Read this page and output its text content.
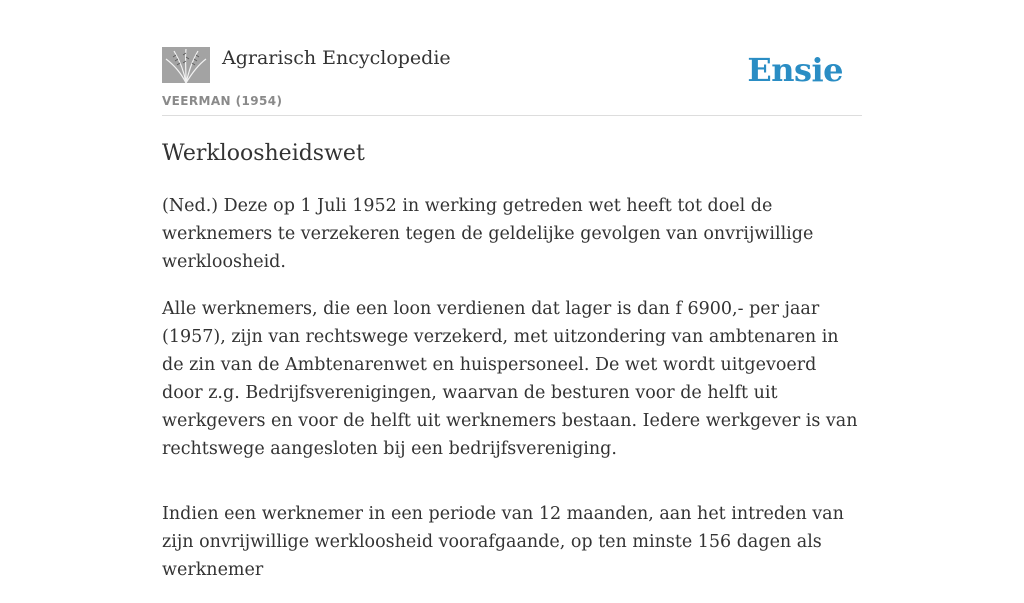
Agrarisch Encyclopedie
VEERMAN (1954)
Ensie
Werkloosheidswet

(Ned.) Deze op 1 Juli 1952 in werking getreden wet heeft tot doel de werknemers te verzekeren tegen de geldelijke gevolgen van onvrijwillige werkloosheid.

Alle werknemers, die een loon verdienen dat lager is dan f 6900,- per jaar (1957), zijn van rechtswege verzekerd, met uitzondering van ambtenaren in de zin van de Ambtenarenwet en huispersoneel. De wet wordt uitgevoerd door z.g. Bedrijfsverenigingen, waarvan de besturen voor de helft uit werkgevers en voor de helft uit werknemers bestaan. Iedere werkgever is van rechtswege aangesloten bij een bedrijfsvereniging.

Indien een werknemer in een periode van 12 maanden, aan het intreden van zijn onvrijwillige werkloosheid voorafgaande, op ten minste 156 dagen als werknemer
